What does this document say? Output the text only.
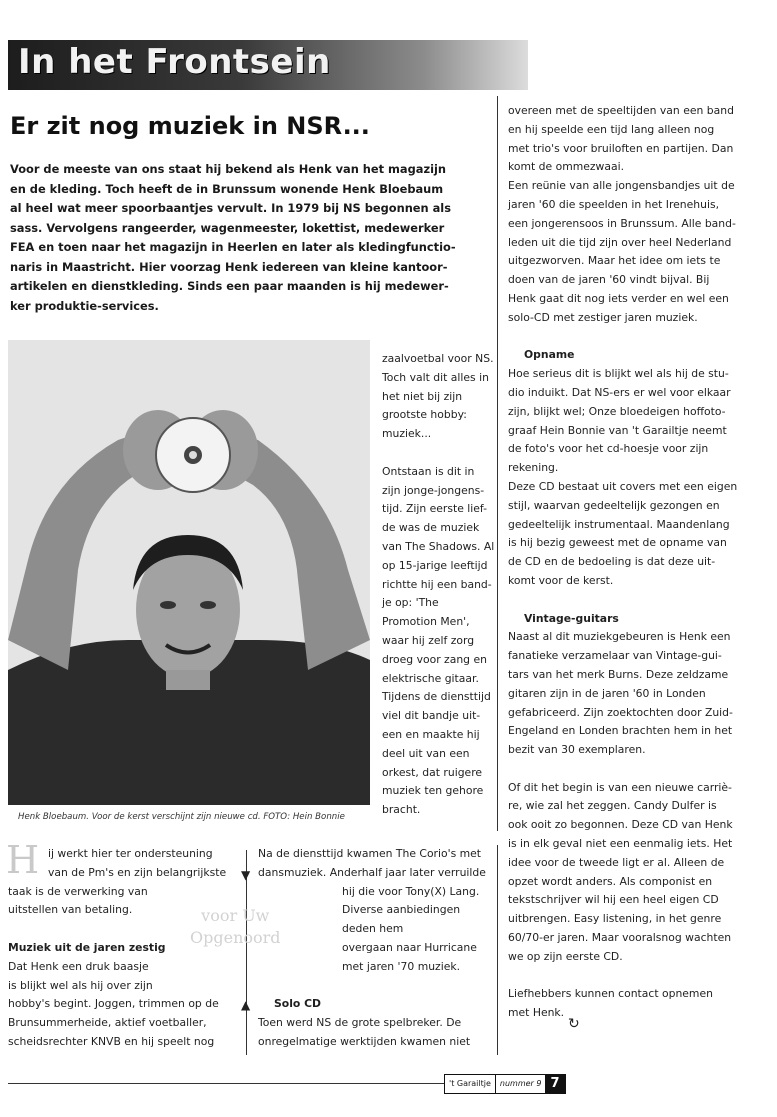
In het Frontsein
Er zit nog muziek in NSR...
Voor de meeste van ons staat hij bekend als Henk van het magazijn
en de kleding. Toch heeft de in Brunssum wonende Henk Bloebaum
al heel wat meer spoorbaantjes vervult. In 1979 bij NS begonnen als
sass. Vervolgens rangeerder, wagenmeester, lokettist, medewerker
FEA en toen naar het magazijn in Heerlen en later als kledingfunctio-
naris in Maastricht. Hier voorzag Henk iedereen van kleine kantoor-
artikelen en dienstkleding. Sinds een paar maanden is hij medewer-
ker produktie-services.
Henk Bloebaum. Voor de kerst verschijnt zijn nieuwe cd. FOTO: Hein Bonnie
zaalvoetbal voor NS.
Toch valt dit alles in
het niet bij zijn
grootste hobby:
muziek...
Ontstaan is dit in
zijn jonge-jongens-
tijd. Zijn eerste lief-
de was de muziek
van The Shadows. Al
op 15-jarige leeftijd
richtte hij een band-
je op: 'The
Promotion Men',
waar hij zelf zorg
droeg voor zang en
elektrische gitaar.
Tijdens de diensttijd
viel dit bandje uit-
een en maakte hij
deel uit van een
orkest, dat ruigere
muziek ten gehore
bracht.
overeen met de speeltijden van een band
en hij speelde een tijd lang alleen nog
met trio's voor bruiloften en partijen. Dan
komt de ommezwaai.
Een reünie van alle jongensbandjes uit de
jaren '60 die speelden in het Irenehuis,
een jongerensoos in Brunssum. Alle band-
leden uit die tijd zijn over heel Nederland
uitgezworven. Maar het idee om iets te
doen van de jaren '60 vindt bijval. Bij
Henk gaat dit nog iets verder en wel een
solo-CD met zestiger jaren muziek.
Opname
Hoe serieus dit is blijkt wel als hij de stu-
dio induikt. Dat NS-ers er wel voor elkaar
zijn, blijkt wel; Onze bloedeigen hoffoto-
graaf Hein Bonnie van 't Garailtje neemt
de foto's voor het cd-hoesje voor zijn
rekening.
Deze CD bestaat uit covers met een eigen
stijl, waarvan gedeeltelijk gezongen en
gedeeltelijk instrumentaal. Maandenlang
is hij bezig geweest met de opname van
de CD en de bedoeling is dat deze uit-
komt voor de kerst.
Vintage-guitars
Naast al dit muziekgebeuren is Henk een
fanatieke verzamelaar van Vintage-gui-
tars van het merk Burns. Deze zeldzame
gitaren zijn in de jaren '60 in Londen
gefabriceerd. Zijn zoektochten door Zuid-
Engeland en Londen brachten hem in het
bezit van 30 exemplaren.
Of dit het begin is van een nieuwe carriè-
re, wie zal het zeggen. Candy Dulfer is
ook ooit zo begonnen. Deze CD van Henk
is in elk geval niet een eenmalig iets. Het
idee voor de tweede ligt er al. Alleen de
opzet wordt anders. Als componist en
tekstschrijver wil hij een heel eigen CD
uitbrengen. Easy listening, in het genre
60/70-er jaren. Maar vooralsnog wachten
we op zijn eerste CD.
Liefhebbers kunnen contact opnemen
met Henk.
H ij werkt hier ter ondersteuning
van de Pm's en zijn belangrijkste
taak is de verwerking van
uitstellen van betaling.
Muziek uit de jaren zestig
Dat Henk een druk baasje
is blijkt wel als hij over zijn
hobby's begint. Joggen, trimmen op de
Brunsummerheide, aktief voetballer,
scheidsrechter KNVB en hij speelt nog
▼
▲
voor Uw
Opgenoord
Na de diensttijd kwamen The Corio's met
dansmuziek. Anderhalf jaar later verruilde
hij die voor Tony(X) Lang.
Diverse aanbiedingen
deden hem
overgaan naar Hurricane
met jaren '70 muziek.
Solo CD
Toen werd NS de grote spelbreker. De
onregelmatige werktijden kwamen niet
↻
't Garailtje	nummer 9 7
